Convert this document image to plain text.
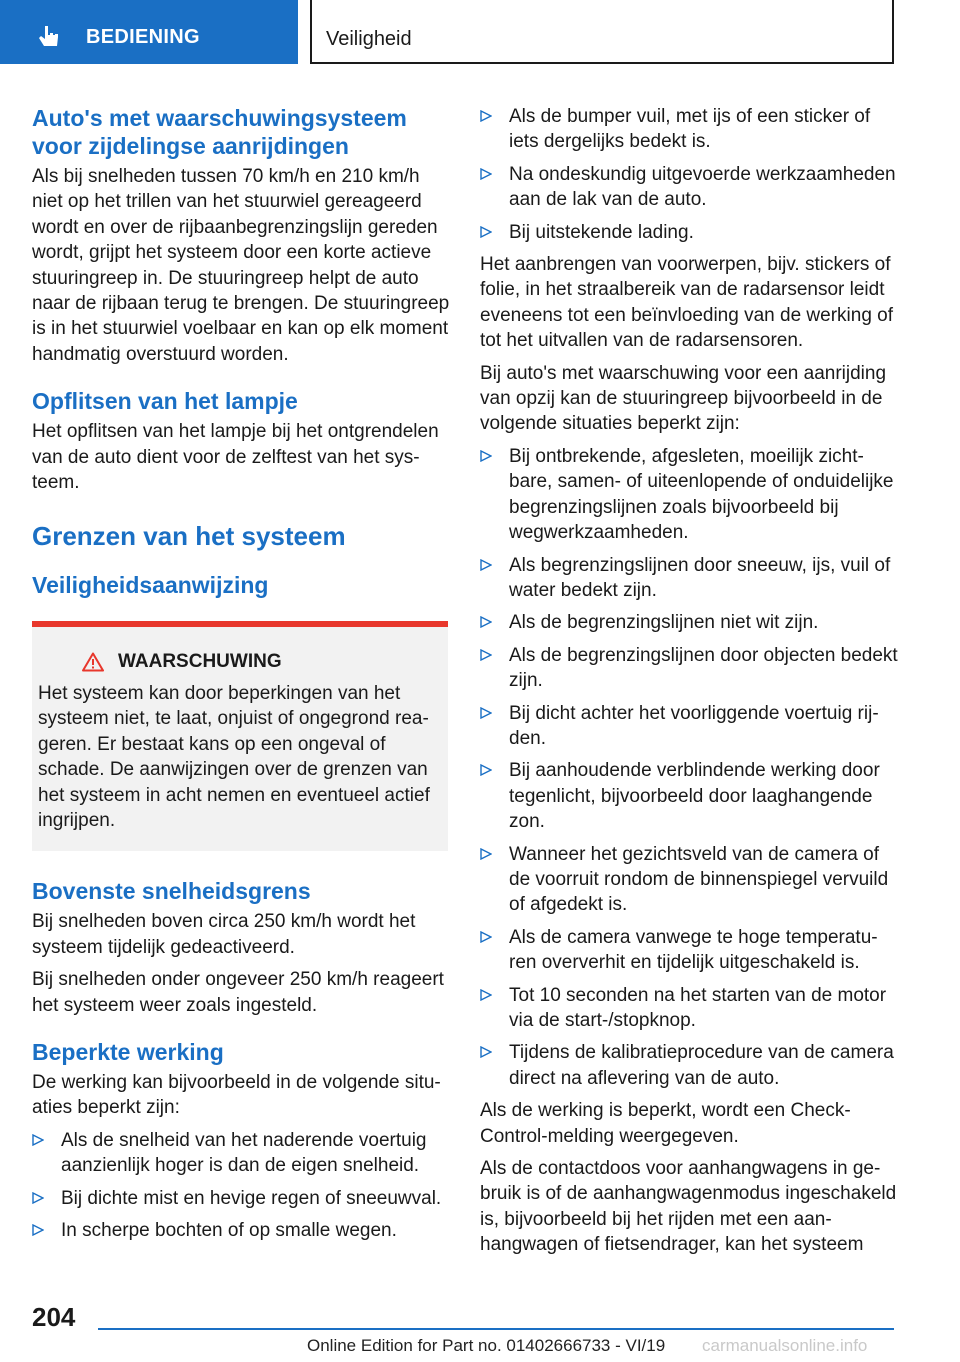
BEDIENING	Veiligheid
Auto's met waarschuwingsysteem voor zijdelingse aanrijdingen

Als bij snelheden tussen 70 km/h en 210 km/h niet op het trillen van het stuurwiel gereageerd wordt en over de rijbaanbegrenzingslijn gereden wordt, grijpt het systeem door een korte actieve stuuringreep in. De stuuringreep helpt de auto naar de rijbaan terug te brengen. De stuuringreep is in het stuurwiel voelbaar en kan op elk moment handmatig overstuurd worden.

Opflitsen van het lampje

Het opflitsen van het lampje bij het ontgrendelen van de auto dient voor de zelftest van het systeem.

Grenzen van het systeem
Veiligheidsaanwijzing
WAARSCHUWING

Het systeem kan door beperkingen van het systeem niet, te laat, onjuist of ongegrond reageren. Er bestaat kans op een ongeval of schade. De aanwijzingen over de grenzen van het systeem in acht nemen en eventueel actief ingrijpen.

Bovenste snelheidsgrens

Bij snelheden boven circa 250 km/h wordt het systeem tijdelijk gedeactiveerd.

Bij snelheden onder ongeveer 250 km/h reageert het systeem weer zoals ingesteld.

Beperkte werking

De werking kan bijvoorbeeld in de volgende situaties beperkt zijn:

Als de snelheid van het naderende voertuig aanzienlijk hoger is dan de eigen snelheid.
Bij dichte mist en hevige regen of sneeuwval.
In scherpe bochten of op smalle wegen.
Als de bumper vuil, met ijs of een sticker of iets dergelijks bedekt is.
Na ondeskundig uitgevoerde werkzaamheden aan de lak van de auto.
Bij uitstekende lading.

Het aanbrengen van voorwerpen, bijv. stickers of folie, in het straalbereik van de radarsensor leidt eveneens tot een beïnvloeding van de werking of tot het uitvallen van de radarsensoren.

Bij auto's met waarschuwing voor een aanrijding van opzij kan de stuuringreep bijvoorbeeld in de volgende situaties beperkt zijn:

Bij ontbrekende, afgesleten, moeilijk zichtbare, samen- of uiteenlopende of onduidelijke begrenzingslijnen zoals bijvoorbeeld bij wegwerkzaamheden.
Als begrenzingslijnen door sneeuw, ijs, vuil of water bedekt zijn.
Als de begrenzingslijnen niet wit zijn.
Als de begrenzingslijnen door objecten bedekt zijn.
Bij dicht achter het voorliggende voertuig rijden.
Bij aanhoudende verblindende werking door tegenlicht, bijvoorbeeld door laaghangende zon.
Wanneer het gezichtsveld van de camera of de voorruit rondom de binnenspiegel vervuild of afgedekt is.
Als de camera vanwege te hoge temperaturen oververhit en tijdelijk uitgeschakeld is.
Tot 10 seconden na het starten van de motor via de start-/stopknop.
Tijdens de kalibratieprocedure van de camera direct na aflevering van de auto.

Als de werking is beperkt, wordt een Check-Control-melding weergegeven.

Als de contactdoos voor aanhangwagens in gebruik is of de aanhangwagenmodus ingeschakeld is, bijvoorbeeld bij het rijden met een aanhangwagen of fietsendrager, kan het systeem

204
Online Edition for Part no. 01402666733 - VI/19 carmanualsonline.info
